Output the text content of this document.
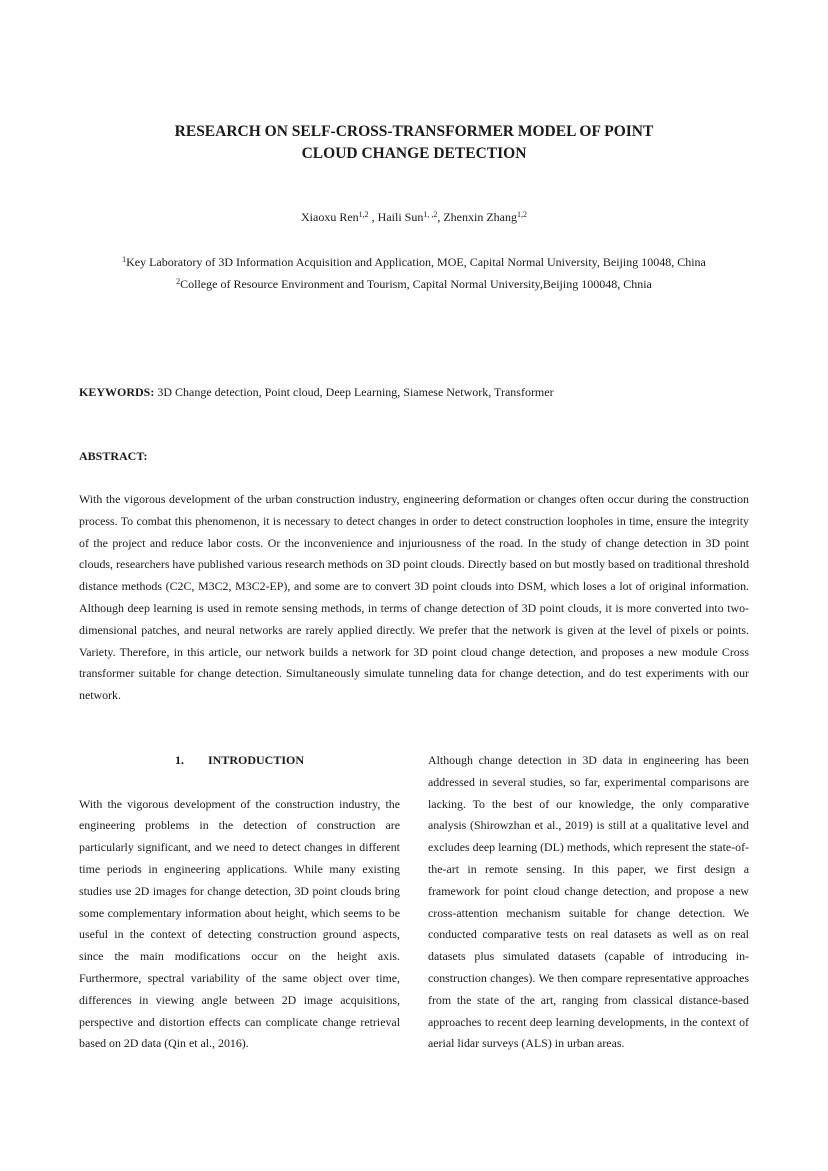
RESEARCH ON SELF-CROSS-TRANSFORMER MODEL OF POINT
CLOUD CHANGE DETECTION
Xiaoxu Ren$^{1,2}$ , Haili Sun$^{1, ,2}$, Zhenxin Zhang$^{1,2}$
$^1$Key Laboratory of 3D Information Acquisition and Application, MOE, Capital Normal University, Beijing 10048, China
$^2$College of Resource Environment and Tourism, Capital Normal University,Beijing 100048, Chnia
KEYWORDS: 3D Change detection, Point cloud, Deep Learning, Siamese Network, Transformer
ABSTRACT:

With the vigorous development of the urban construction industry, engineering deformation or changes often occur during the construction process. To combat this phenomenon, it is necessary to detect changes in order to detect construction loopholes in time, ensure the integrity of the project and reduce labor costs. Or the inconvenience and injuriousness of the road. In the study of change detection in 3D point clouds, researchers have published various research methods on 3D point clouds. Directly based on but mostly based on traditional threshold distance methods (C2C, M3C2, M3C2-EP), and some are to convert 3D point clouds into DSM, which loses a lot of original information. Although deep learning is used in remote sensing methods, in terms of change detection of 3D point clouds, it is more converted into two-dimensional patches, and neural networks are rarely applied directly. We prefer that the network is given at the level of pixels or points. Variety. Therefore, in this article, our network builds a network for 3D point cloud change detection, and proposes a new module Cross transformer suitable for change detection. Simultaneously simulate tunneling data for change detection, and do test experiments with our network.

1. INTRODUCTION

With the vigorous development of the construction industry, the engineering problems in the detection of construction are particularly significant, and we need to detect changes in different time periods in engineering applications. While many existing studies use 2D images for change detection, 3D point clouds bring some complementary information about height, which seems to be useful in the context of detecting construction ground aspects, since the main modifications occur on the height axis. Furthermore, spectral variability of the same object over time, differences in viewing angle between 2D image acquisitions, perspective and distortion effects can complicate change retrieval based on 2D data (Qin et al., 2016).

Although change detection in 3D data in engineering has been addressed in several studies, so far, experimental comparisons are lacking. To the best of our knowledge, the only comparative analysis (Shirowzhan et al., 2019) is still at a qualitative level and excludes deep learning (DL) methods, which represent the state-of-the-art in remote sensing. In this paper, we first design a framework for point cloud change detection, and propose a new cross-attention mechanism suitable for change detection. We conducted comparative tests on real datasets as well as on real datasets plus simulated datasets (capable of introducing in-construction changes). We then compare representative approaches from the state of the art, ranging from classical distance-based approaches to recent deep learning developments, in the context of aerial lidar surveys (ALS) in urban areas.
